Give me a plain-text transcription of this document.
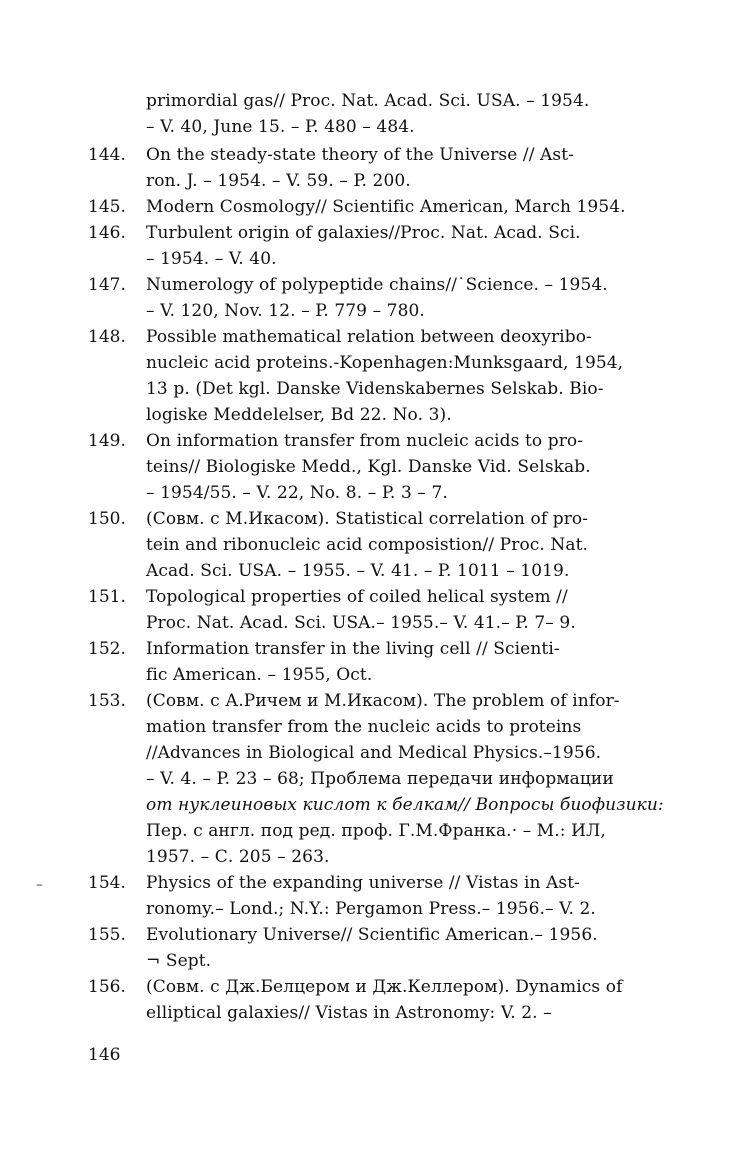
primordial gas// Proc. Nat. Acad. Sci. USA. – 1954.
– V. 40, June 15. – P. 480 – 484.
144.	On the steady-state theory of the Universe // Ast-
ron. J. – 1954. – V. 59. – P. 200.
145.	Modern Cosmology// Scientific American, March 1954.
146.	Turbulent origin of galaxies//Proc. Nat. Acad. Sci.
– 1954. – V. 40.
147.	Numerology of polypeptide chains//˙Science. – 1954.
– V. 120, Nov. 12. – P. 779 – 780.
148.	Possible mathematical relation between deoxyribo-
nucleic acid proteins.-Kopenhagen:Munksgaard, 1954,
13 p. (Det kgl. Danske Videnskabernes Selskab. Bio-
logiske Meddelelser, Bd 22. No. 3).
149.	On information transfer from nucleic acids to pro-
teins// Biologiske Medd., Kgl. Danske Vid. Selskab.
– 1954/55. – V. 22, No. 8. – P. 3 – 7.
150.	(Совм. с М.Икасом). Statistical correlation of pro-
tein and ribonucleic acid composistion// Proc. Nat.
Acad. Sci. USA. – 1955. – V. 41. – P. 1011 – 1019.
151.	Topological properties of coiled helical system //
Proc. Nat. Acad. Sci. USA.– 1955.– V. 41.– P. 7– 9.
152.	Information transfer in the living cell // Scienti-
fic American. – 1955, Oct.
153.	(Совм. с А.Ричем и М.Икасом). The problem of infor-
mation transfer from the nucleic acids to proteins
//Advances in Biological and Medical Physics.–1956.
– V. 4. – P. 23 – 68; Проблема передачи информации
от нуклеиновых кислот к белкам// Вопросы биофизики:
Пер. с англ. под ред. проф. Г.М.Франка.· – М.: ИЛ,
1957. – С. 205 – 263.
154.	Physics of the expanding universe // Vistas in Ast-
ronomy.– Lond.; N.Y.: Pergamon Press.– 1956.– V. 2.
155.	Evolutionary Universe// Scientific American.– 1956.
¬ Sept.
156.	(Совм. с Дж.Белцером и Дж.Келлером). Dynamics of
elliptical galaxies// Vistas in Astronomy: V. 2. –
–
146
